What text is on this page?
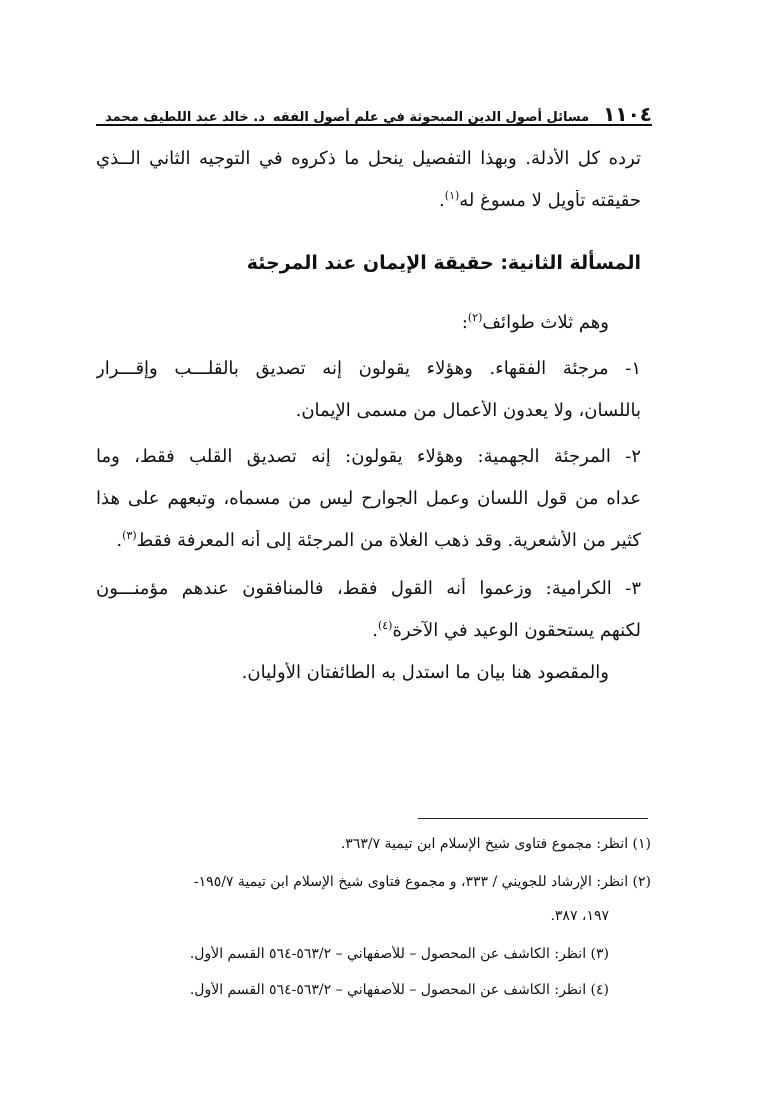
١١٠٤
مسائل أصول الدين المبحوثة في علم أصول الفقه
د. خالد عبد اللطيف محمد
ترده كل الأدلة. وبهذا التفصيل ينحل ما ذكروه في التوجيه الثاني الــذي
حقيقته تأويل لا مسوغ له$^{(١)}$.
المسألة الثانية: حقيقة الإيمان عند المرجئة
وهم ثلاث طوائف$^{(٢)}$:
١- مرجئة الفقهاء. وهؤلاء يقولون إنه تصديق بالقلـــب وإقـــرار
باللسان، ولا يعدون الأعمال من مسمى الإيمان.
٢- المرجئة الجهمية: وهؤلاء يقولون: إنه تصديق القلب فقط، وما
عداه من قول اللسان وعمل الجوارح ليس من مسماه، وتبعهم على هذا
كثير من الأشعرية. وقد ذهب الغلاة من المرجئة إلى أنه المعرفة فقط$^{(٣)}$.
٣- الكرامية: وزعموا أنه القول فقط، فالمنافقون عندهم مؤمنـــون
لكنهم يستحقون الوعيد في الآخرة$^{(٤)}$.
والمقصود هنا بيان ما استدل به الطائفتان الأوليان.
(١) انظر: مجموع فتاوى شيخ الإسلام ابن تيمية ٣٦٣/٧.
(٢) انظر: الإرشاد للجويني / ٣٣٣، و مجموع فتاوى شيخ الإسلام ابن تيمية ١٩٥/٧-
١٩٧، ٣٨٧.
(٣) انظر: الكاشف عن المحصول – للأصفهاني – ٥٦٣/٢-٥٦٤ القسم الأول.
(٤) انظر: الكاشف عن المحصول – للأصفهاني – ٥٦٣/٢-٥٦٤ القسم الأول.
